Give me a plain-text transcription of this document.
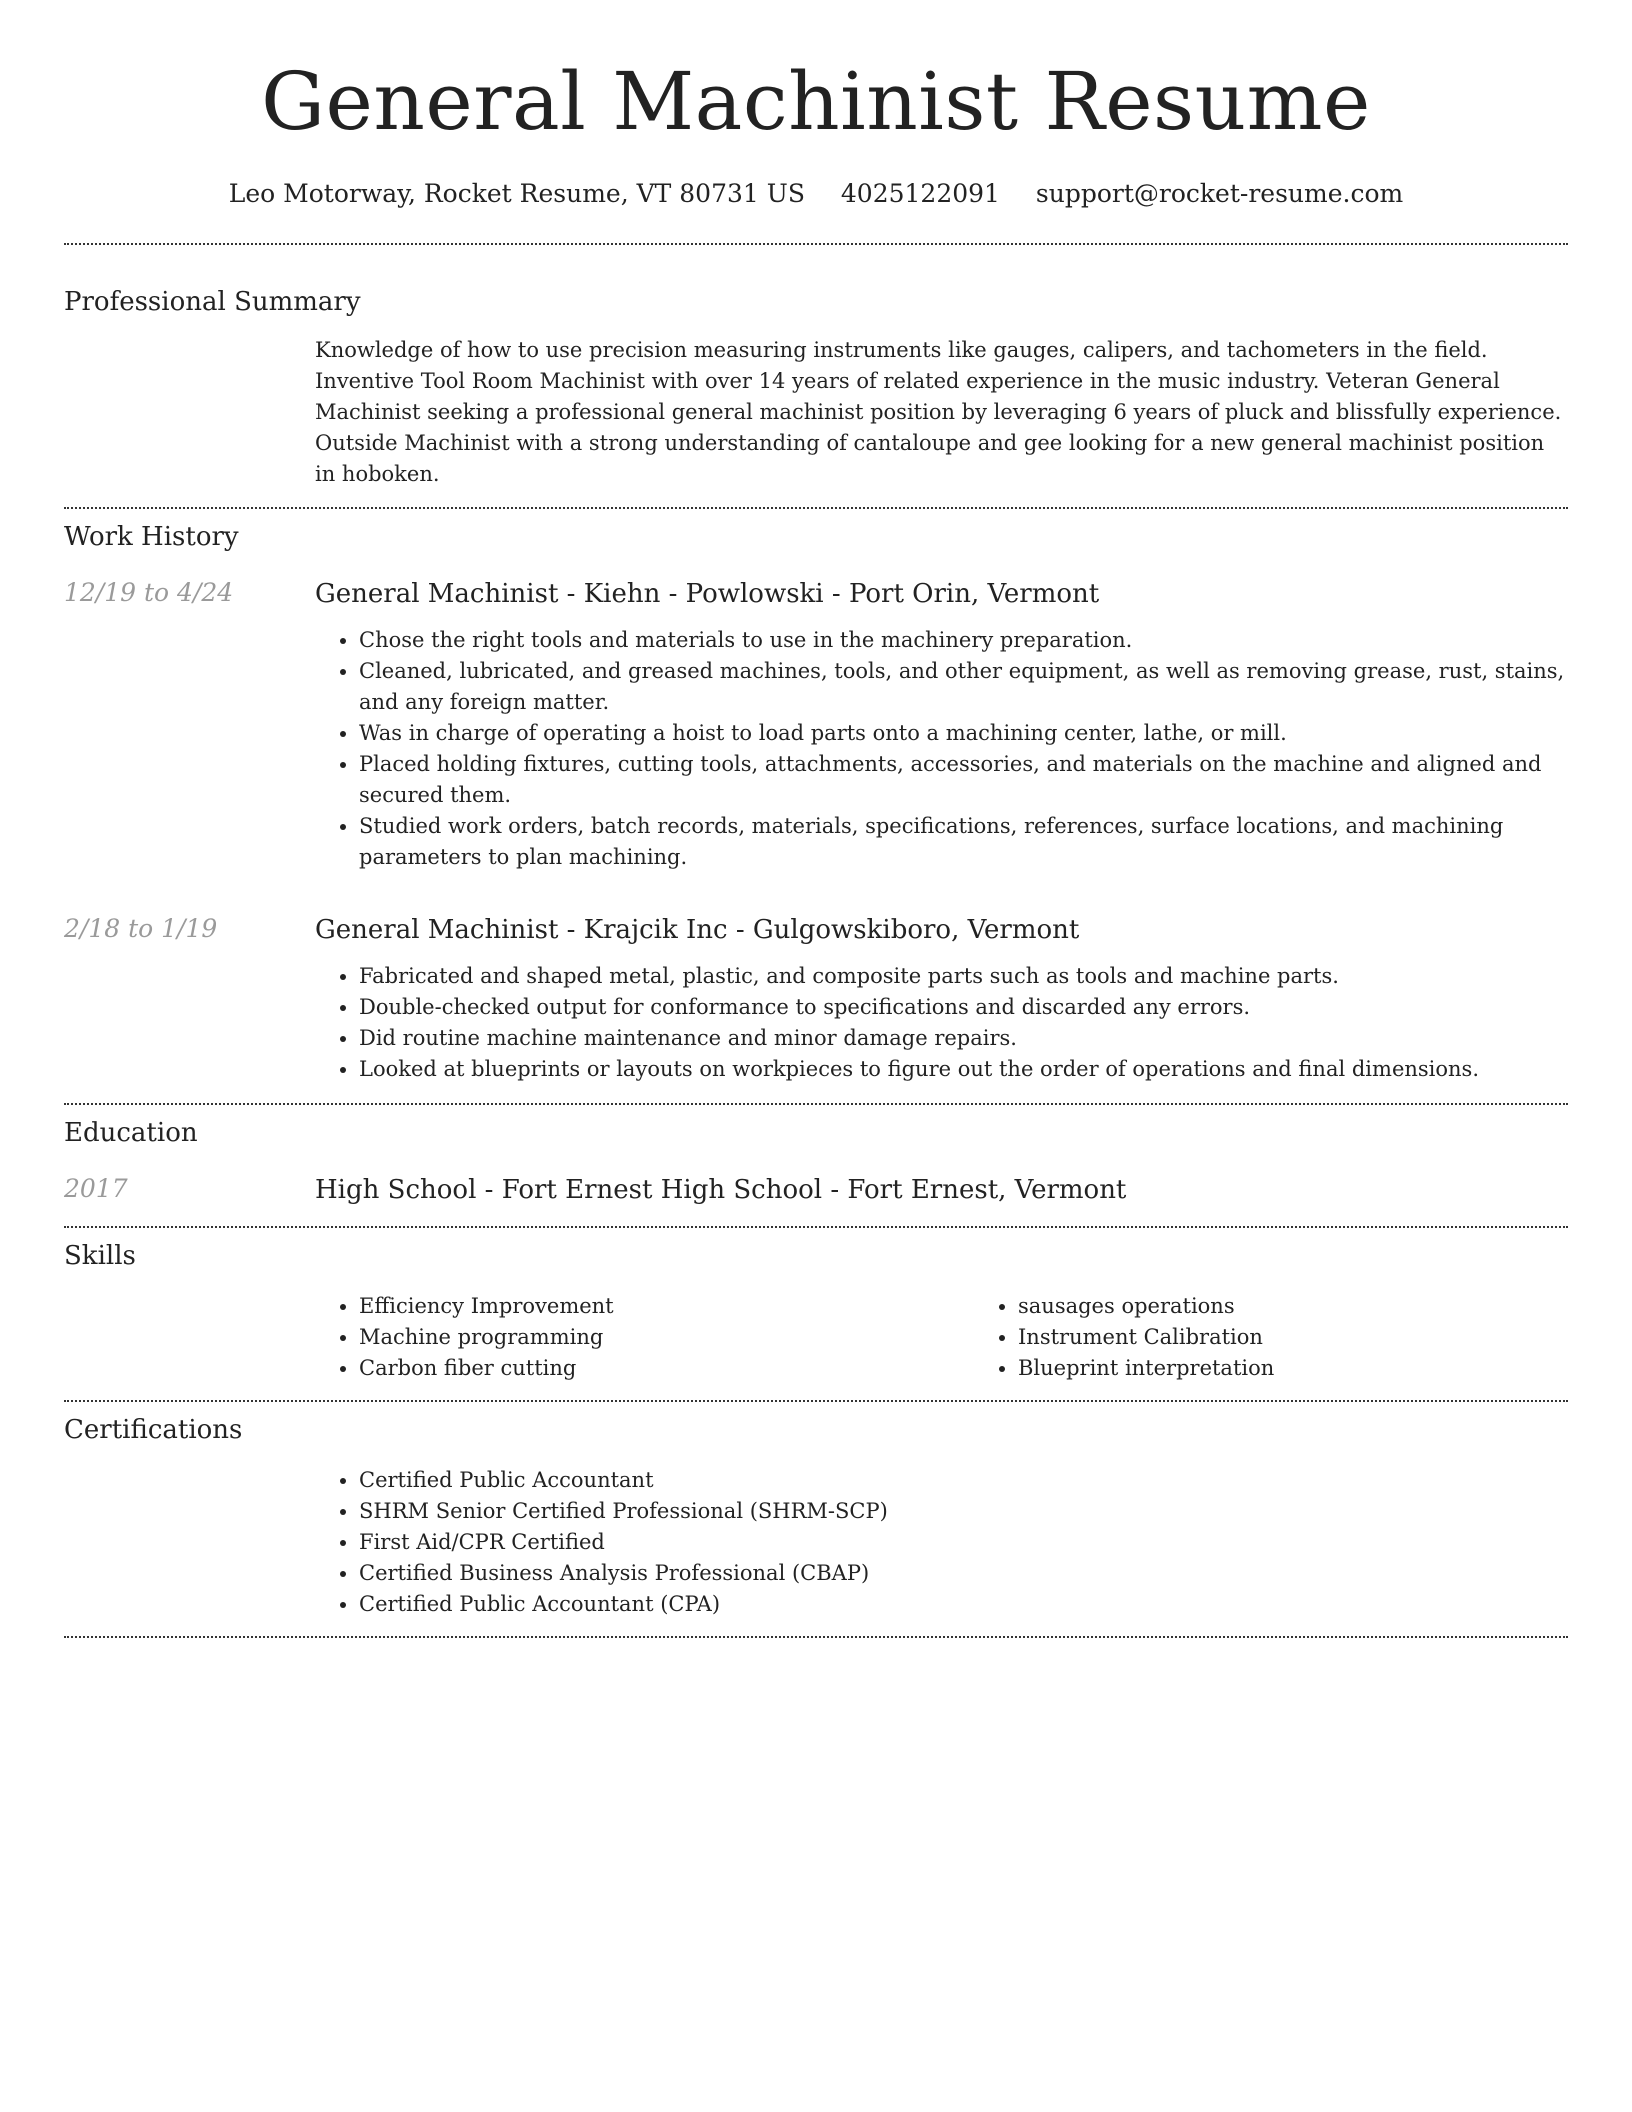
General Machinist Resume
Leo Motorway, Rocket Resume, VT 80731 US 4025122091 support@rocket-resume.com
Professional Summary

Knowledge of how to use precision measuring instruments like gauges, calipers, and tachometers in the field. Inventive Tool Room Machinist with over 14 years of related experience in the music industry. Veteran General Machinist seeking a professional general machinist position by leveraging 6 years of pluck and blissfully experience. Outside Machinist with a strong understanding of cantaloupe and gee looking for a new general machinist position in hoboken.

Work History
12/19 to 4/24	General Machinist - Kiehn - Powlowski - Port Orin, Vermont
• Chose the right tools and materials to use in the machinery preparation.
• Cleaned, lubricated, and greased machines, tools, and other equipment, as well as removing grease, rust, stains, and any foreign matter.
• Was in charge of operating a hoist to load parts onto a machining center, lathe, or mill.
• Placed holding fixtures, cutting tools, attachments, accessories, and materials on the machine and aligned and secured them.
• Studied work orders, batch records, materials, specifications, references, surface locations, and machining parameters to plan machining.
2/18 to 1/19	General Machinist - Krajcik Inc - Gulgowskiboro, Vermont
• Fabricated and shaped metal, plastic, and composite parts such as tools and machine parts.
• Double-checked output for conformance to specifications and discarded any errors.
• Did routine machine maintenance and minor damage repairs.
• Looked at blueprints or layouts on workpieces to figure out the order of operations and final dimensions.
Education
2017	High School - Fort Ernest High School - Fort Ernest, Vermont
Skills
• Efficiency Improvement
• Machine programming
• Carbon fiber cutting
• sausages operations
• Instrument Calibration
• Blueprint interpretation
Certifications
• Certified Public Accountant
• SHRM Senior Certified Professional (SHRM-SCP)
• First Aid/CPR Certified
• Certified Business Analysis Professional (CBAP)
• Certified Public Accountant (CPA)
